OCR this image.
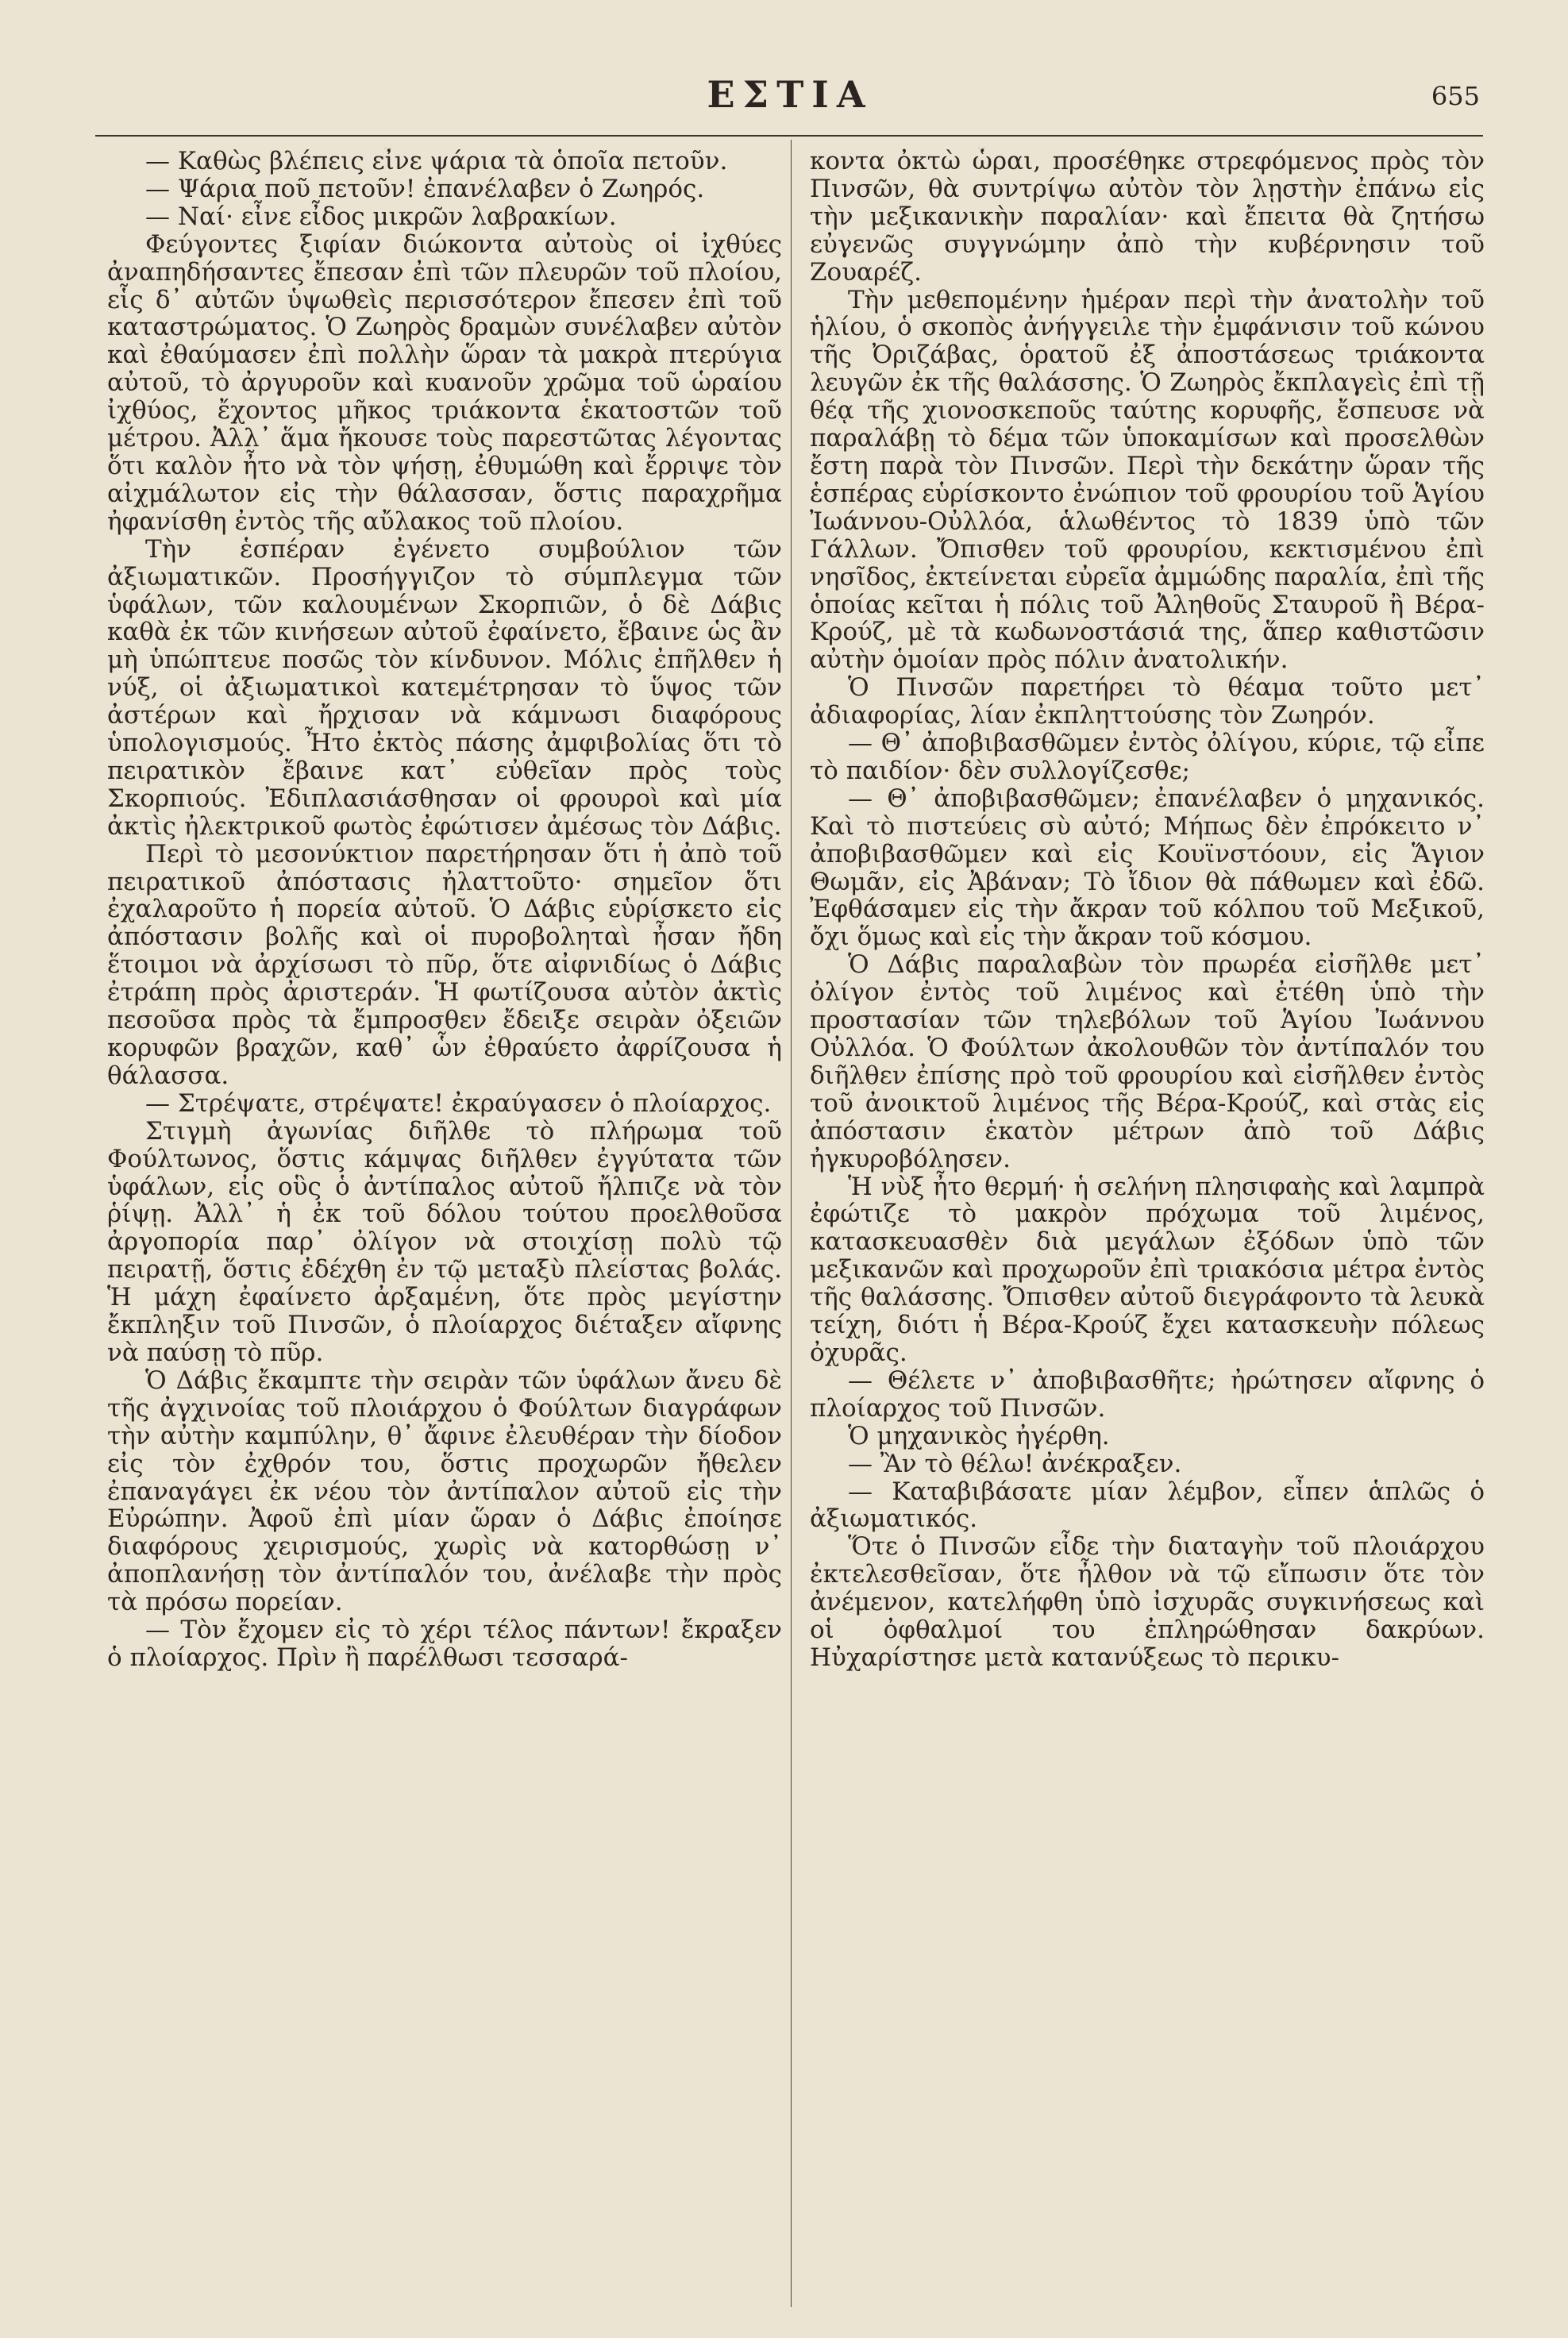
ΕΣΤΙΑ	655

— Καθὼς βλέπεις εἶνε ψάρια τὰ ὁποῖα πετοῦν.

— Ψάρια ποῦ πετοῦν! ἐπανέλαβεν ὁ Ζωηρός.

— Ναί· εἶνε εἶδος μικρῶν λαβρακίων.

Φεύγοντες ξιφίαν διώκοντα αὐτοὺς οἱ ἰχθύες ἀναπηδήσαντες ἔπεσαν ἐπὶ τῶν πλευρῶν τοῦ πλοίου, εἷς δ᾿ αὐτῶν ὑψωθεὶς περισσότερον ἔπεσεν ἐπὶ τοῦ καταστρώματος. Ὁ Ζωηρὸς δραμὼν συνέλαβεν αὐτὸν καὶ ἐθαύμασεν ἐπὶ πολλὴν ὥραν τὰ μακρὰ πτερύγια αὐτοῦ, τὸ ἀργυροῦν καὶ κυανοῦν χρῶμα τοῦ ὡραίου ἰχθύος, ἔχοντος μῆκος τριάκοντα ἑκατοστῶν τοῦ μέτρου. Ἀλλ᾿ ἅμα ἤκουσε τοὺς παρεστῶτας λέγοντας ὅτι καλὸν ἦτο νὰ τὸν ψήσῃ, ἐθυμώθη καὶ ἔρριψε τὸν αἰχμάλωτον εἰς τὴν θάλασσαν, ὅστις παραχρῆμα ἠφανίσθη ἐντὸς τῆς αὔλακος τοῦ πλοίου.

Τὴν ἑσπέραν ἐγένετο συμβούλιον τῶν ἀξιωματικῶν. Προσήγγιζον τὸ σύμπλεγμα τῶν ὑφάλων, τῶν καλουμένων Σκορπιῶν, ὁ δὲ Δάβις καθὰ ἐκ τῶν κινήσεων αὐτοῦ ἐφαίνετο, ἔβαινε ὡς ἂν μὴ ὑπώπτευε ποσῶς τὸν κίνδυνον. Μόλις ἐπῆλθεν ἡ νύξ, οἱ ἀξιωματικοὶ κατεμέτρησαν τὸ ὕψος τῶν ἀστέρων καὶ ἤρχισαν νὰ κάμνωσι διαφόρους ὑπολογισμούς. Ἦτο ἐκτὸς πάσης ἀμφιβολίας ὅτι τὸ πειρατικὸν ἔβαινε κατ᾿ εὐθεῖαν πρὸς τοὺς Σκορπιούς. Ἐδιπλασιάσθησαν οἱ φρουροὶ καὶ μία ἀκτὶς ἠλεκτρικοῦ φωτὸς ἐφώτισεν ἀμέσως τὸν Δάβις.

Περὶ τὸ μεσονύκτιον παρετήρησαν ὅτι ἡ ἀπὸ τοῦ πειρατικοῦ ἀπόστασις ἠλαττοῦτο· σημεῖον ὅτι ἐχαλαροῦτο ἡ πορεία αὐτοῦ. Ὁ Δάβις εὑρίσκετο εἰς ἀπόστασιν βολῆς καὶ οἱ πυροβοληταὶ ἦσαν ἤδη ἕτοιμοι νὰ ἀρχίσωσι τὸ πῦρ, ὅτε αἰφνιδίως ὁ Δάβις ἐτράπη πρὸς ἀριστεράν. Ἡ φωτίζουσα αὐτὸν ἀκτὶς πεσοῦσα πρὸς τὰ ἔμπροσθεν ἔδειξε σειρὰν ὀξειῶν κορυφῶν βραχῶν, καθ᾿ ὧν ἐθραύετο ἀφρίζουσα ἡ θάλασσα.

— Στρέψατε, στρέψατε! ἐκραύγασεν ὁ πλοίαρχος.

Στιγμὴ ἀγωνίας διῆλθε τὸ πλήρωμα τοῦ Φούλτωνος, ὅστις κάμψας διῆλθεν ἐγγύτατα τῶν ὑφάλων, εἰς οὓς ὁ ἀντίπαλος αὐτοῦ ἤλπιζε νὰ τὸν ῥίψῃ. Ἀλλ᾿ ἡ ἐκ τοῦ δόλου τούτου προελθοῦσα ἀργοπορία παρ᾿ ὀλίγον νὰ στοιχίσῃ πολὺ τῷ πειρατῇ, ὅστις ἐδέχθη ἐν τῷ μεταξὺ πλείστας βολάς. Ἡ μάχη ἐφαίνετο ἀρξαμένη, ὅτε πρὸς μεγίστην ἔκπληξιν τοῦ Πινσῶν, ὁ πλοίαρχος διέταξεν αἴφνης νὰ παύσῃ τὸ πῦρ.

Ὁ Δάβις ἔκαμπτε τὴν σειρὰν τῶν ὑφάλων ἄνευ δὲ τῆς ἀγχινοίας τοῦ πλοιάρχου ὁ Φούλτων διαγράφων τὴν αὐτὴν καμπύλην, θ᾿ ἄφινε ἐλευθέραν τὴν δίοδον εἰς τὸν ἐχθρόν του, ὅστις προχωρῶν ἤθελεν ἐπαναγάγει ἐκ νέου τὸν ἀντίπαλον αὐτοῦ εἰς τὴν Εὐρώπην. Ἀφοῦ ἐπὶ μίαν ὥραν ὁ Δάβις ἐποίησε διαφόρους χειρισμούς, χωρὶς νὰ κατορθώσῃ ν᾿ ἀποπλανήσῃ τὸν ἀντίπαλόν του, ἀνέλαβε τὴν πρὸς τὰ πρόσω πορείαν.

— Τὸν ἔχομεν εἰς τὸ χέρι τέλος πάντων! ἔκραξεν ὁ πλοίαρχος. Πρὶν ἢ παρέλθωσι τεσσαρά-

κοντα ὀκτὼ ὧραι, προσέθηκε στρεφόμενος πρὸς τὸν Πινσῶν, θὰ συντρίψω αὐτὸν τὸν λῃστὴν ἐπάνω εἰς τὴν μεξικανικὴν παραλίαν· καὶ ἔπειτα θὰ ζητήσω εὐγενῶς συγγνώμην ἀπὸ τὴν κυβέρνησιν τοῦ Ζουαρέζ.

Τὴν μεθεπομένην ἡμέραν περὶ τὴν ἀνατολὴν τοῦ ἡλίου, ὁ σκοπὸς ἀνήγγειλε τὴν ἐμφάνισιν τοῦ κώνου τῆς Ὀριζάβας, ὁρατοῦ ἐξ ἀποστάσεως τριάκοντα λευγῶν ἐκ τῆς θαλάσσης. Ὁ Ζωηρὸς ἔκπλαγεὶς ἐπὶ τῇ θέᾳ τῆς χιονοσκεποῦς ταύτης κορυφῆς, ἔσπευσε νὰ παραλάβῃ τὸ δέμα τῶν ὑποκαμίσων καὶ προσελθὼν ἔστη παρὰ τὸν Πινσῶν. Περὶ τὴν δεκάτην ὥραν τῆς ἑσπέρας εὑρίσκοντο ἐνώπιον τοῦ φρουρίου τοῦ Ἁγίου Ἰωάννου-Οὐλλόα, ἁλωθέντος τὸ 1839 ὑπὸ τῶν Γάλλων. Ὄπισθεν τοῦ φρουρίου, κεκτισμένου ἐπὶ νησῖδος, ἐκτείνεται εὐρεῖα ἀμμώδης παραλία, ἐπὶ τῆς ὁποίας κεῖται ἡ πόλις τοῦ Ἀληθοῦς Σταυροῦ ἢ Βέρα-Κρούζ, μὲ τὰ κωδωνοστάσιά της, ἅπερ καθιστῶσιν αὐτὴν ὁμοίαν πρὸς πόλιν ἀνατολικήν.

Ὁ Πινσῶν παρετήρει τὸ θέαμα τοῦτο μετ᾿ ἀδιαφορίας, λίαν ἐκπληττούσης τὸν Ζωηρόν.

— Θ᾿ ἀποβιβασθῶμεν ἐντὸς ὀλίγου, κύριε, τῷ εἶπε τὸ παιδίον· δὲν συλλογίζεσθε;

— Θ᾿ ἀποβιβασθῶμεν; ἐπανέλαβεν ὁ μηχανικός. Καὶ τὸ πιστεύεις σὺ αὐτό; Μήπως δὲν ἐπρόκειτο ν᾿ ἀποβιβασθῶμεν καὶ εἰς Κουϊνστόουν, εἰς Ἅγιον Θωμᾶν, εἰς Ἀβάναν; Τὸ ἴδιον θὰ πάθωμεν καὶ ἐδῶ. Ἐφθάσαμεν εἰς τὴν ἄκραν τοῦ κόλπου τοῦ Μεξικοῦ, ὄχι ὅμως καὶ εἰς τὴν ἄκραν τοῦ κόσμου.

Ὁ Δάβις παραλαβὼν τὸν πρωρέα εἰσῆλθε μετ᾿ ὀλίγον ἐντὸς τοῦ λιμένος καὶ ἐτέθη ὑπὸ τὴν προστασίαν τῶν τηλεβόλων τοῦ Ἁγίου Ἰωάννου Οὐλλόα. Ὁ Φούλτων ἀκολουθῶν τὸν ἀντίπαλόν του διῆλθεν ἐπίσης πρὸ τοῦ φρουρίου καὶ εἰσῆλθεν ἐντὸς τοῦ ἀνοικτοῦ λιμένος τῆς Βέρα-Κρούζ, καὶ στὰς εἰς ἀπόστασιν ἑκατὸν μέτρων ἀπὸ τοῦ Δάβις ἠγκυροβόλησεν.

Ἡ νὺξ ἦτο θερμή· ἡ σελήνη πλησιφαὴς καὶ λαμπρὰ ἐφώτιζε τὸ μακρὸν πρόχωμα τοῦ λιμένος, κατασκευασθὲν διὰ μεγάλων ἐξόδων ὑπὸ τῶν μεξικανῶν καὶ προχωροῦν ἐπὶ τριακόσια μέτρα ἐντὸς τῆς θαλάσσης. Ὄπισθεν αὐτοῦ διεγράφοντο τὰ λευκὰ τείχη, διότι ἡ Βέρα-Κρούζ ἔχει κατασκευὴν πόλεως ὀχυρᾶς.

— Θέλετε ν᾿ ἀποβιβασθῆτε; ἠρώτησεν αἴφνης ὁ πλοίαρχος τοῦ Πινσῶν.

Ὁ μηχανικὸς ἠγέρθη.

— Ἂν τὸ θέλω! ἀνέκραξεν.

— Καταβιβάσατε μίαν λέμβον, εἶπεν ἁπλῶς ὁ ἀξιωματικός.

Ὅτε ὁ Πινσῶν εἶδε τὴν διαταγὴν τοῦ πλοιάρχου ἐκτελεσθεῖσαν, ὅτε ἦλθον νὰ τῷ εἴπωσιν ὅτε τὸν ἀνέμενον, κατελήφθη ὑπὸ ἰσχυρᾶς συγκινήσεως καὶ οἱ ὀφθαλμοί του ἐπληρώθησαν δακρύων. Ηὐχαρίστησε μετὰ κατανύξεως τὸ περικυ-
